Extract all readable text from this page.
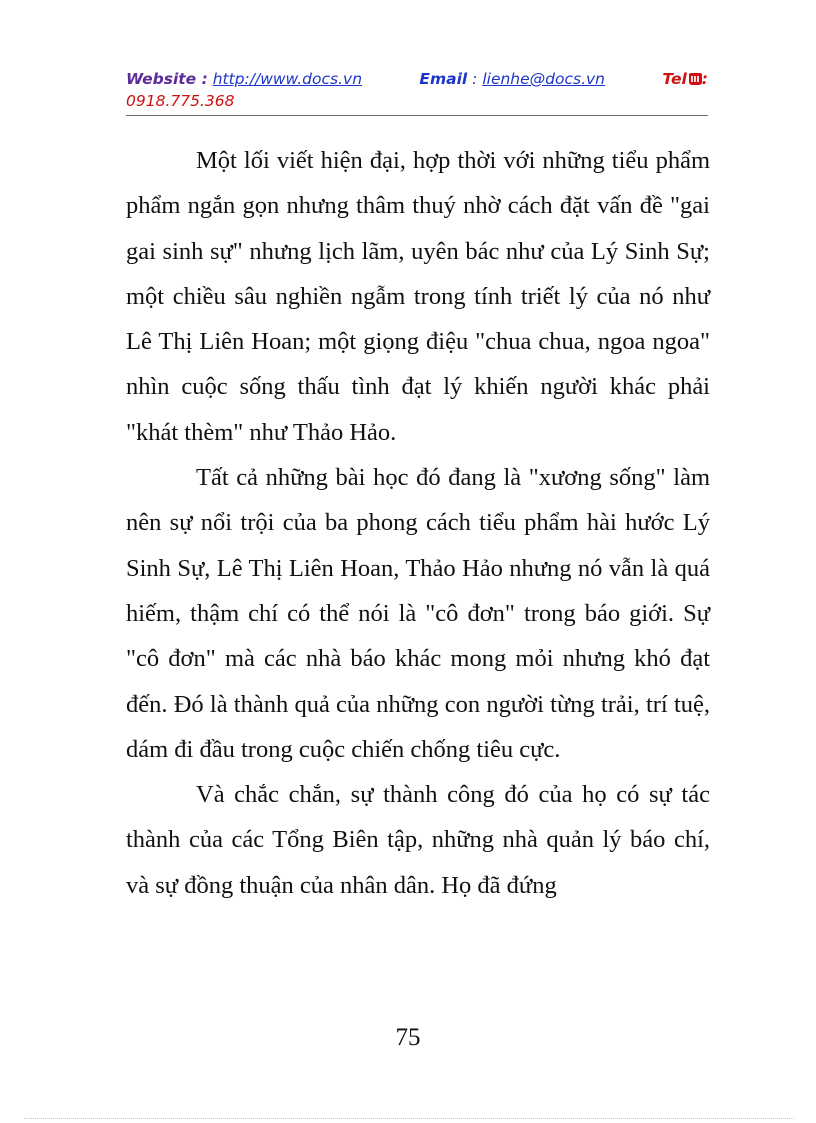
Website : http://www.docs.vn	Email : lienhe@docs.vn	Tel :
0918.775.368

Một lối viết hiện đại, hợp thời với những tiểu phẩm phẩm ngắn gọn nhưng thâm thuý nhờ cách đặt vấn đề "gai gai sinh sự" nhưng lịch lãm, uyên bác như của Lý Sinh Sự; một chiều sâu nghiền ngẫm trong tính triết lý của nó như Lê Thị Liên Hoan; một giọng điệu "chua chua, ngoa ngoa" nhìn cuộc sống thấu tình đạt lý khiến người khác phải "khát thèm" như Thảo Hảo.

Tất cả những bài học đó đang là "xương sống" làm nên sự nổi trội của ba phong cách tiểu phẩm hài hước Lý Sinh Sự, Lê Thị Liên Hoan, Thảo Hảo nhưng nó vẫn là quá hiếm, thậm chí có thể nói là "cô đơn" trong báo giới. Sự "cô đơn" mà các nhà báo khác mong mỏi nhưng khó đạt đến. Đó là thành quả của những con người từng trải, trí tuệ, dám đi đầu trong cuộc chiến chống tiêu cực.

Và chắc chắn, sự thành công đó của họ có sự tác thành của các Tổng Biên tập, những nhà quản lý báo chí, và sự đồng thuận của nhân dân. Họ đã đứng

75
